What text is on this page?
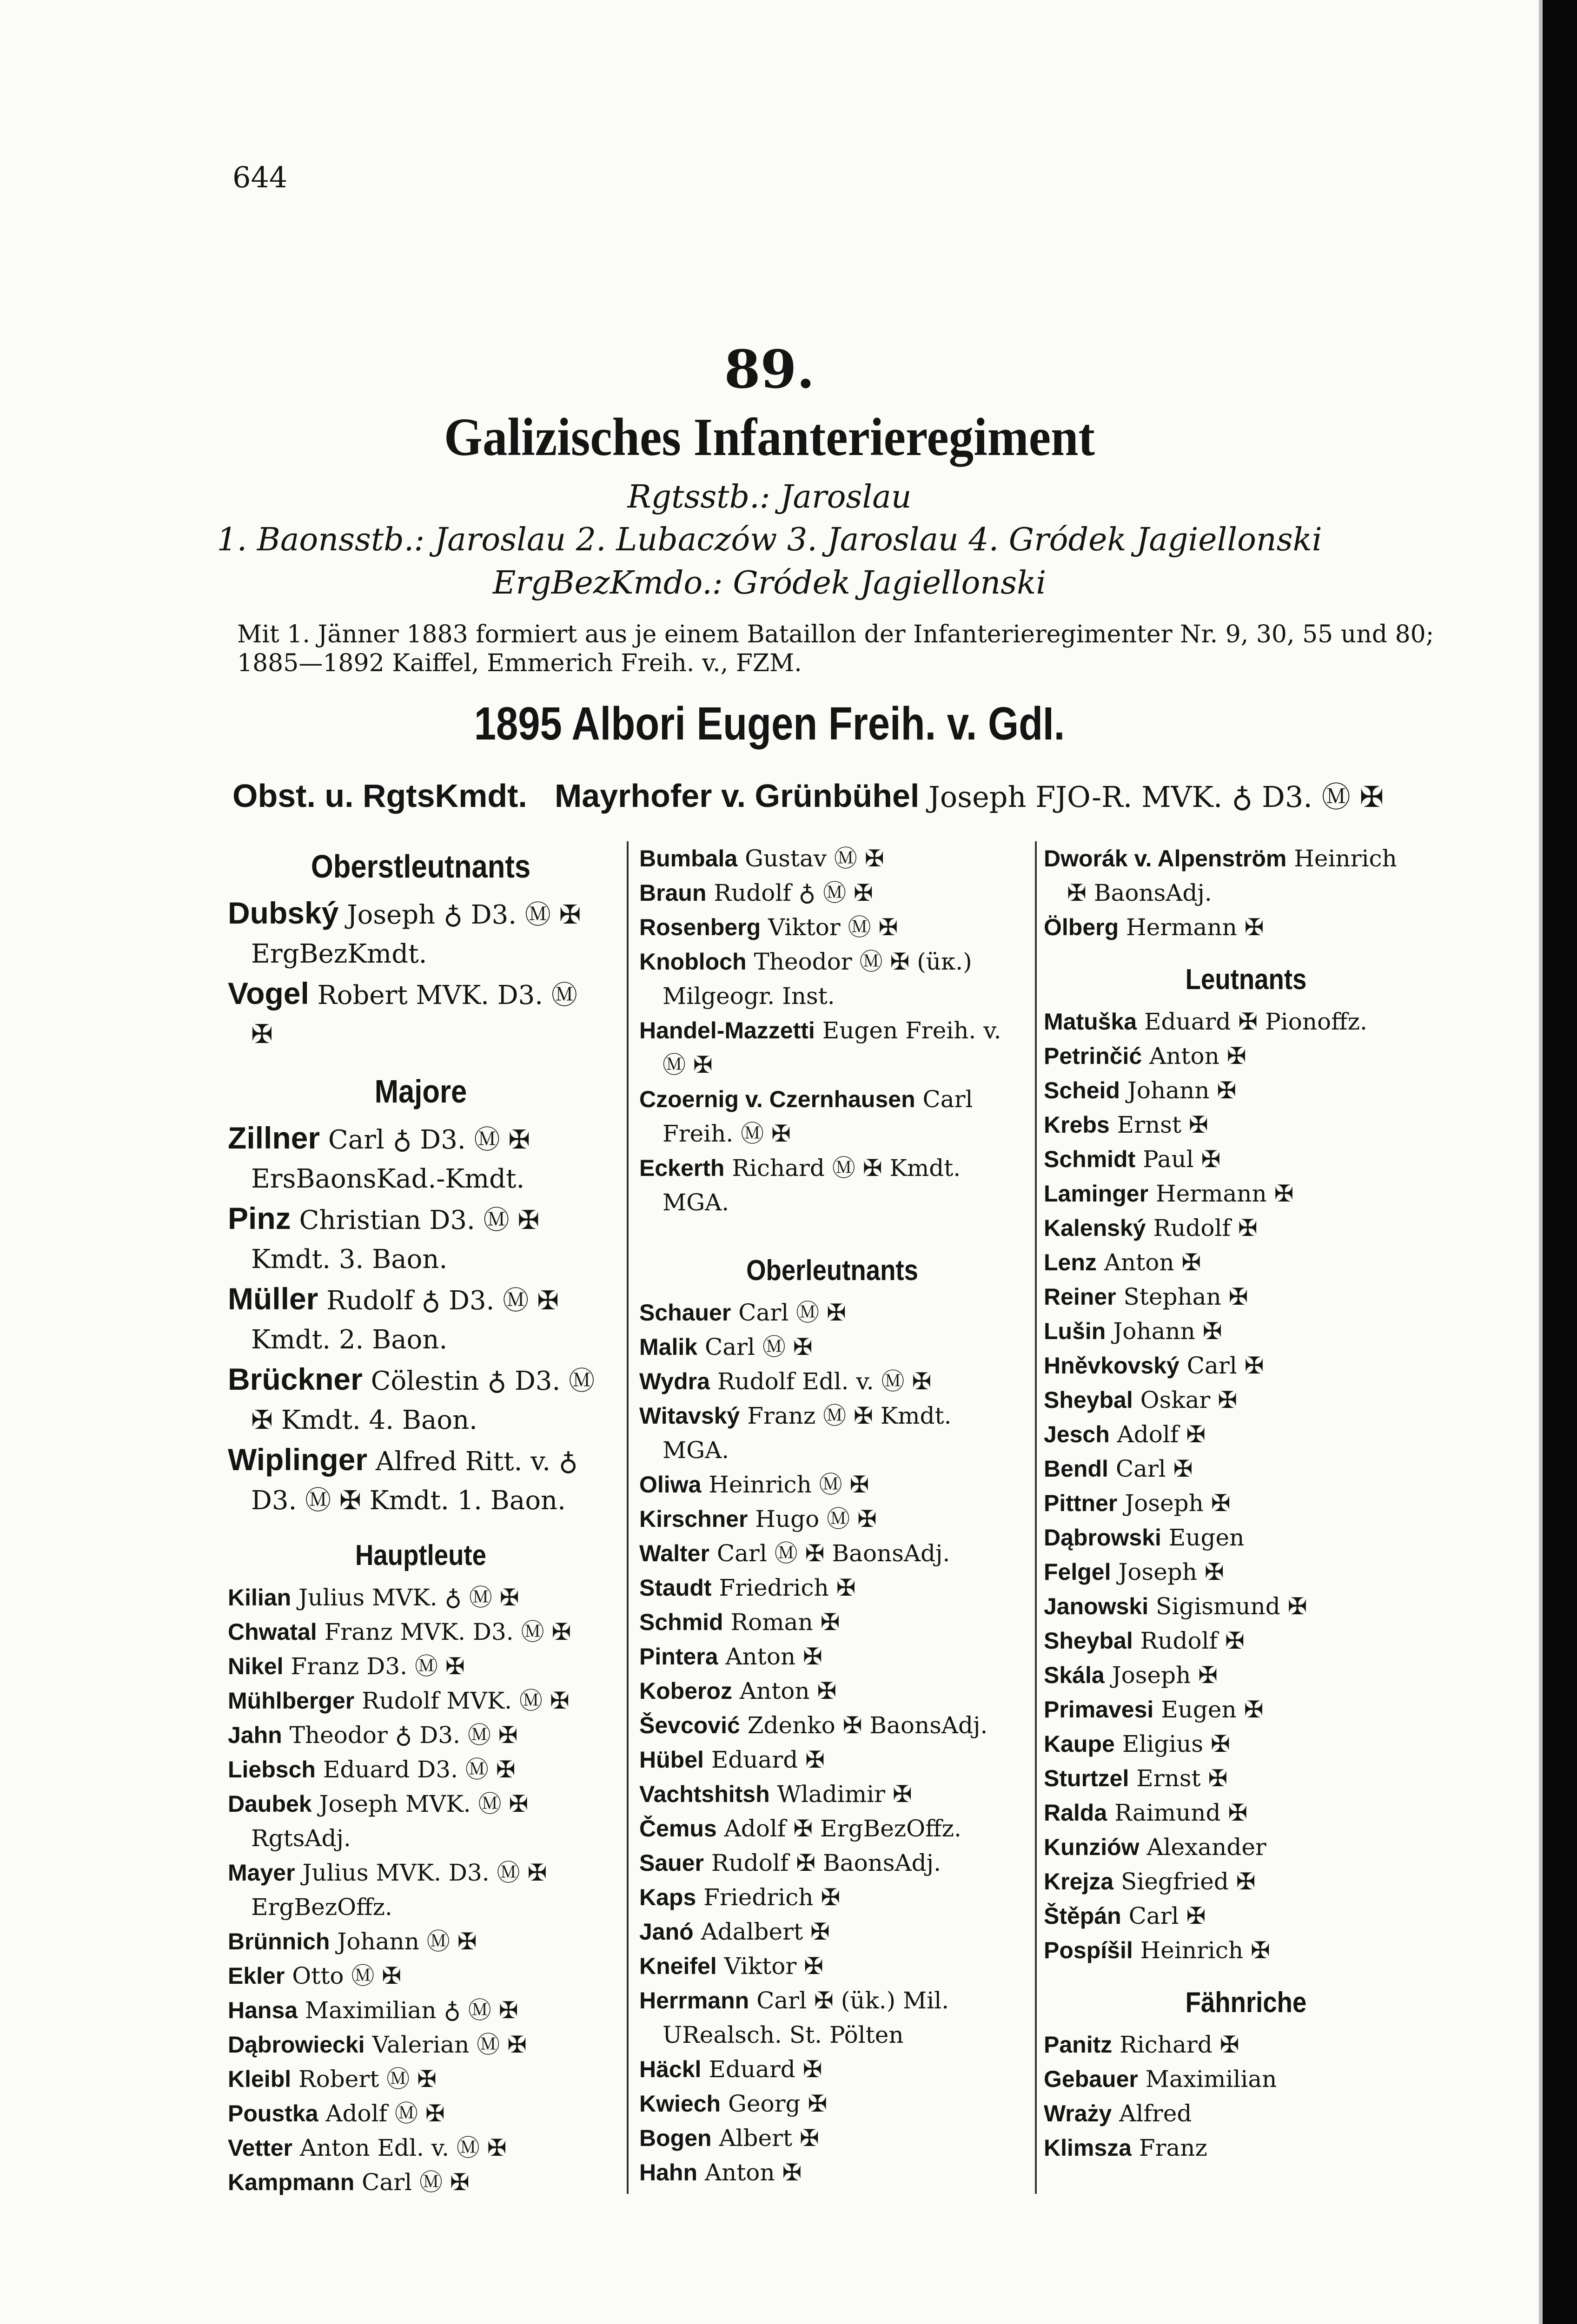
644
89.
Galizisches Infanterieregiment
Rgtsstb.: Jaroslau
1. Baonsstb.: Jaroslau 2. Lubaczów 3. Jaroslau 4. Gródek Jagiellonski
ErgBezKmdo.: Gródek Jagiellonski
Mit 1. Jänner 1883 formiert aus je einem Bataillon der Infanterieregimenter Nr. 9, 30, 55 und 80;
1885—1892 Kaiffel, Emmerich Freih. v., FZM.
1895 Albori Eugen Freih. v. GdI.
Obst. u. RgtsKmdt. Mayrhofer v. Grünbühel Joseph FJO-R. MVK. ♁ D3. Ⓜ ✠
Oberstleutnants
Dubský Joseph ♁ D3. Ⓜ ✠
ErgBezKmdt.
Vogel Robert MVK. D3. Ⓜ
✠
Majore
Zillner Carl ♁ D3. Ⓜ ✠
ErsBaonsKad.-Kmdt.
Pinz Christian D3. Ⓜ ✠
Kmdt. 3. Baon.
Müller Rudolf ♁ D3. Ⓜ ✠
Kmdt. 2. Baon.
Brückner Cölestin ♁ D3. Ⓜ
✠ Kmdt. 4. Baon.
Wiplinger Alfred Ritt. v. ♁
D3. Ⓜ ✠ Kmdt. 1. Baon.
Hauptleute
Kilian Julius MVK. ♁ Ⓜ ✠
Chwatal Franz MVK. D3. Ⓜ ✠
Nikel Franz D3. Ⓜ ✠
Mühlberger Rudolf MVK. Ⓜ ✠
Jahn Theodor ♁ D3. Ⓜ ✠
Liebsch Eduard D3. Ⓜ ✠
Daubek Joseph MVK. Ⓜ ✠
RgtsAdj.
Mayer Julius MVK. D3. Ⓜ ✠
ErgBezOffz.
Brünnich Johann Ⓜ ✠
Ekler Otto Ⓜ ✠
Hansa Maximilian ♁ Ⓜ ✠
Dąbrowiecki Valerian Ⓜ ✠
Kleibl Robert Ⓜ ✠
Poustka Adolf Ⓜ ✠
Vetter Anton Edl. v. Ⓜ ✠
Kampmann Carl Ⓜ ✠
Bumbala Gustav Ⓜ ✠
Braun Rudolf ♁ Ⓜ ✠
Rosenberg Viktor Ⓜ ✠
Knobloch Theodor Ⓜ ✠ (üк.)
Milgeogr. Inst.
Handel-Mazzetti Eugen Freih. v.
Ⓜ ✠
Czoernig v. Czernhausen Carl
Freih. Ⓜ ✠
Eckerth Richard Ⓜ ✠ Kmdt.
MGA.
Oberleutnants
Schauer Carl Ⓜ ✠
Malik Carl Ⓜ ✠
Wydra Rudolf Edl. v. Ⓜ ✠
Witavský Franz Ⓜ ✠ Kmdt.
MGA.
Oliwa Heinrich Ⓜ ✠
Kirschner Hugo Ⓜ ✠
Walter Carl Ⓜ ✠ BaonsAdj.
Staudt Friedrich ✠
Schmid Roman ✠
Pintera Anton ✠
Koberoz Anton ✠
Ševcović Zdenko ✠ BaonsAdj.
Hübel Eduard ✠
Vachtshitsh Wladimir ✠
Čemus Adolf ✠ ErgBezOffz.
Sauer Rudolf ✠ BaonsAdj.
Kaps Friedrich ✠
Janó Adalbert ✠
Kneifel Viktor ✠
Herrmann Carl ✠ (ük.) Mil.
URealsch. St. Pölten
Häckl Eduard ✠
Kwiech Georg ✠
Bogen Albert ✠
Hahn Anton ✠
Dworák v. Alpenström Heinrich
✠ BaonsAdj.
Ölberg Hermann ✠
Leutnants
Matuška Eduard ✠ Pionoffz.
Petrinčić Anton ✠
Scheid Johann ✠
Krebs Ernst ✠
Schmidt Paul ✠
Laminger Hermann ✠
Kalenský Rudolf ✠
Lenz Anton ✠
Reiner Stephan ✠
Lušin Johann ✠
Hněvkovský Carl ✠
Sheybal Oskar ✠
Jesch Adolf ✠
Bendl Carl ✠
Pittner Joseph ✠
Dąbrowski Eugen
Felgel Joseph ✠
Janowski Sigismund ✠
Sheybal Rudolf ✠
Skála Joseph ✠
Primavesi Eugen ✠
Kaupe Eligius ✠
Sturtzel Ernst ✠
Ralda Raimund ✠
Kunziów Alexander
Krejza Siegfried ✠
Štěpán Carl ✠
Pospíšil Heinrich ✠
Fähnriche
Panitz Richard ✠
Gebauer Maximilian
Wraży Alfred
Klimsza Franz
